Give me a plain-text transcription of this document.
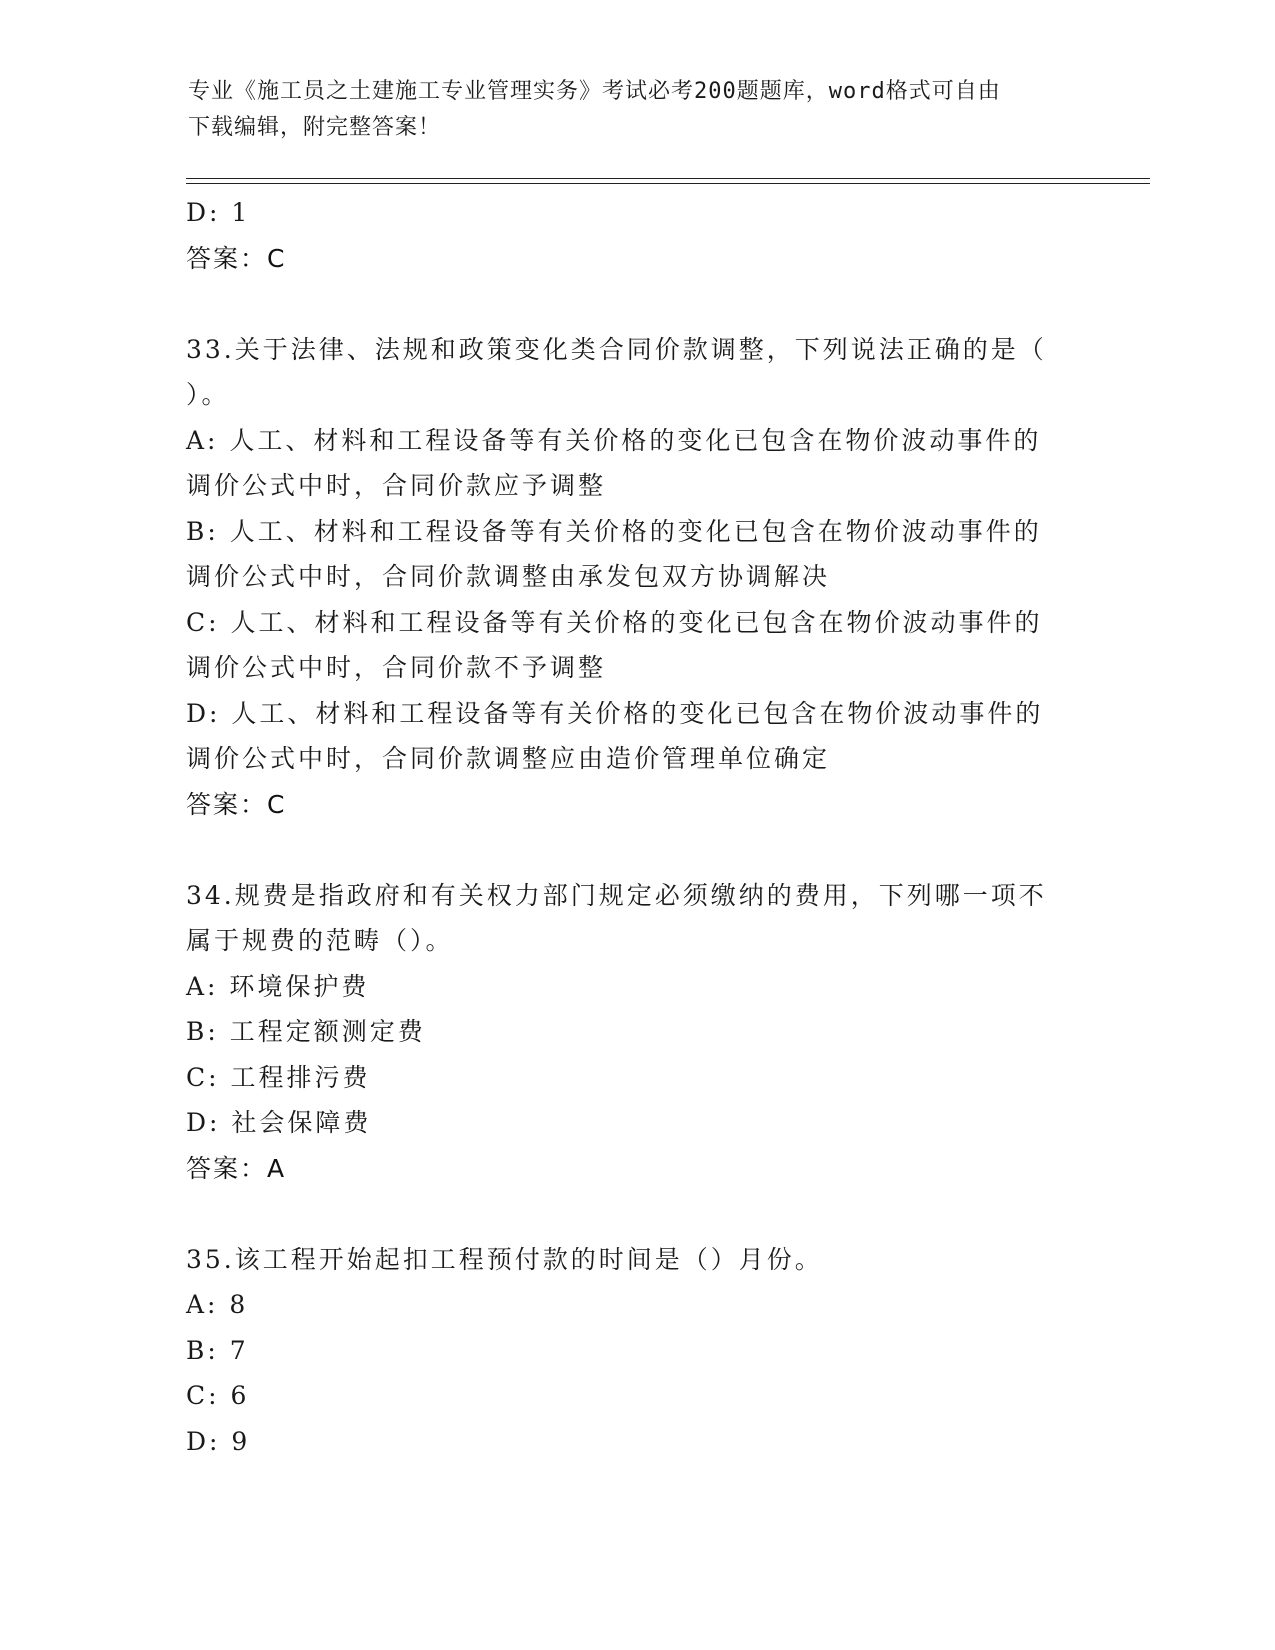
专业《施工员之土建施工专业管理实务》考试必考200题题库，word格式可自由
下载编辑，附完整答案！
D: 1
答案：C
33.关于法律、法规和政策变化类合同价款调整，下列说法正确的是（
）。
A: 人工、材料和工程设备等有关价格的变化已包含在物价波动事件的
调价公式中时，合同价款应予调整
B: 人工、材料和工程设备等有关价格的变化已包含在物价波动事件的
调价公式中时，合同价款调整由承发包双方协调解决
C: 人工、材料和工程设备等有关价格的变化已包含在物价波动事件的
调价公式中时，合同价款不予调整
D: 人工、材料和工程设备等有关价格的变化已包含在物价波动事件的
调价公式中时，合同价款调整应由造价管理单位确定
答案：C
34.规费是指政府和有关权力部门规定必须缴纳的费用，下列哪一项不
属于规费的范畴（）。
A: 环境保护费
B: 工程定额测定费
C: 工程排污费
D: 社会保障费
答案：A
35.该工程开始起扣工程预付款的时间是（）月份。
A: 8
B: 7
C: 6
D: 9
